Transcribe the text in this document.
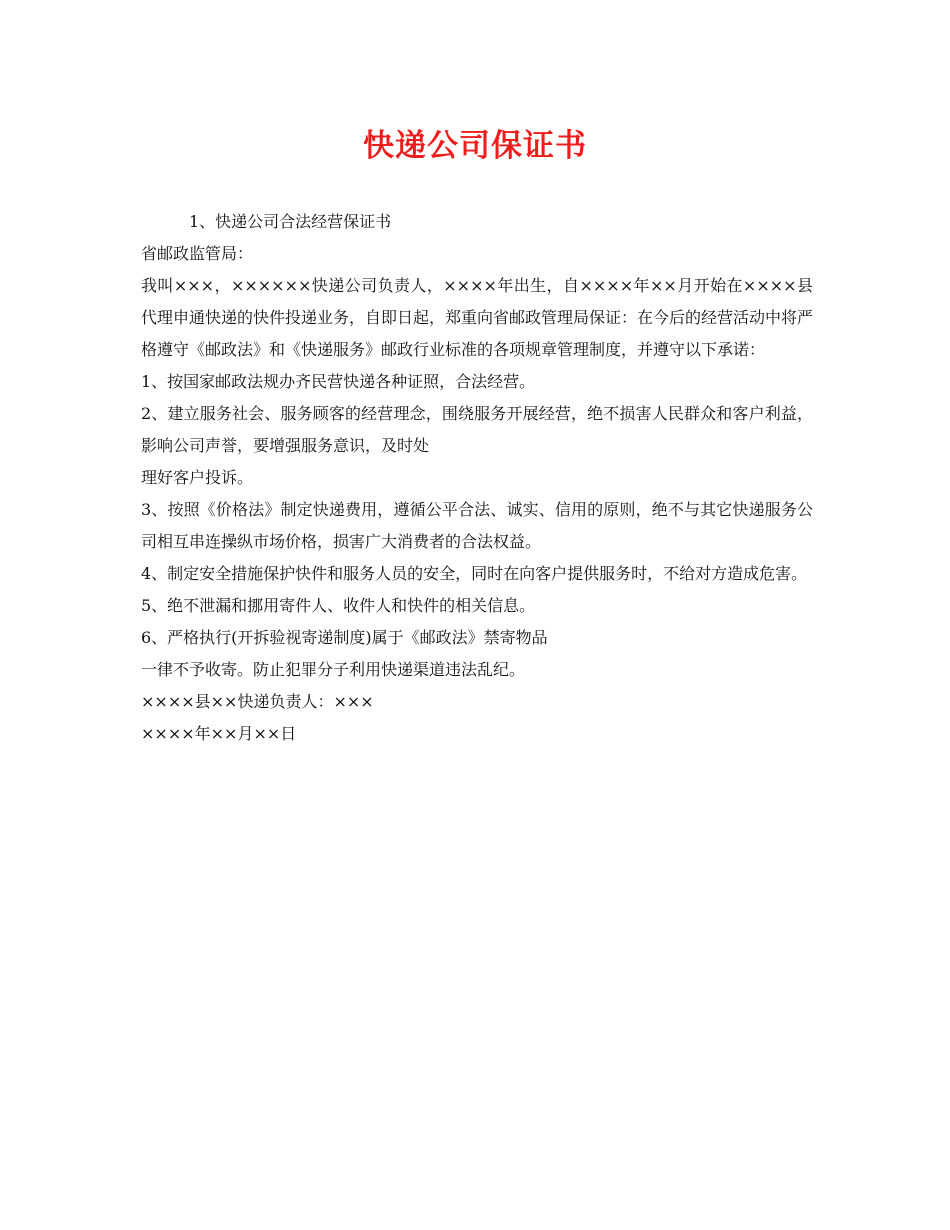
快递公司保证书
1、快递公司合法经营保证书
省邮政监管局：
我叫×××，××××××快递公司负责人，××××年出生，自××××年××月开始在××××县代理申通快递的快件投递业务，自即日起，郑重向省邮政管理局保证：在今后的经营活动中将严格遵守《邮政法》和《快递服务》邮政行业标准的各项规章管理制度，并遵守以下承诺：
1、按国家邮政法规办齐民营快递各种证照，合法经营。
2、建立服务社会、服务顾客的经营理念，围绕服务开展经营，绝不损害人民群众和客户利益，影响公司声誉，要增强服务意识，及时处
理好客户投诉。
3、按照《价格法》制定快递费用，遵循公平合法、诚实、信用的原则，绝不与其它快递服务公司相互串连操纵市场价格，损害广大消费者的合法权益。
4、制定安全措施保护快件和服务人员的安全，同时在向客户提供服务时，不给对方造成危害。
5、绝不泄漏和挪用寄件人、收件人和快件的相关信息。
6、严格执行(开拆验视寄递制度)属于《邮政法》禁寄物品
一律不予收寄。防止犯罪分子利用快递渠道违法乱纪。
××××县××快递负责人：×××
××××年××月××日
